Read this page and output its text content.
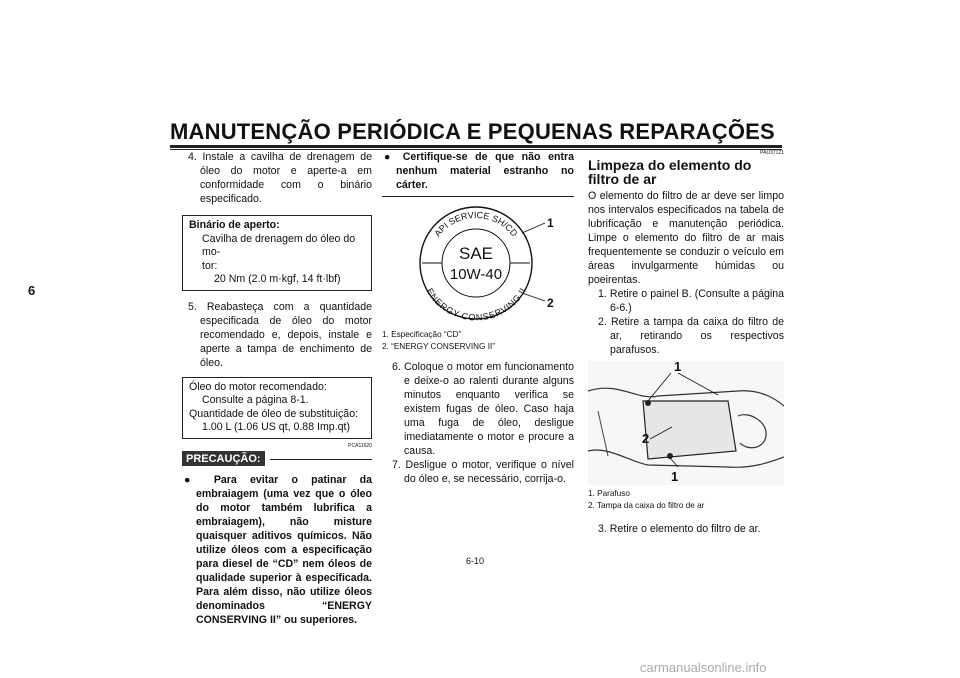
MANUTENÇÃO PERIÓDICA E PEQUENAS REPARAÇÕES
6

4. Instale a cavilha de drenagem de óleo do motor e aperte-a em conformidade com o binário especificado.

Binário de aperto:
Cavilha de drenagem do óleo do mo-
tor:
20 Nm (2.0 m·kgf, 14 ft·lbf)

5. Reabasteça com a quantidade especificada de óleo do motor recomendado e, depois, instale e aperte a tampa de enchimento de óleo.

Óleo do motor recomendado:
Consulte a página 8-1.
Quantidade de óleo de substituição:
1.00 L (1.06 US qt, 0.88 Imp.qt)
PCA11620
PRECAUÇÃO:

● Para evitar o patinar da embraiagem (uma vez que o óleo do motor também lubrifica a embraiagem), não misture quaisquer aditivos químicos. Não utilize óleos com a especificação para diesel de “CD” nem óleos de qualidade superior à especificada. Para além disso, não utilize óleos denominados “ENERGY CONSERVING II” ou superiores.

● Certifique-se de que não entra nenhum material estranho no cárter.

API SERVICE SH/CD
ENERGY CONSERVING II
SAE
10W-40
1
2
1. Especificação “CD”
2. “ENERGY CONSERVING II”

6. Coloque o motor em funcionamento e deixe-o ao ralenti durante alguns minutos enquanto verifica se existem fugas de óleo. Caso haja uma fuga de óleo, desligue imediatamente o motor e procure a causa.

7. Desligue o motor, verifique o nível do óleo e, se necessário, corrija-o.

PAU37121
Limpeza do elemento do filtro de ar

O elemento do filtro de ar deve ser limpo nos intervalos especificados na tabela de lubrificação e manutenção periódica. Limpe o elemento do filtro de ar mais frequentemente se conduzir o veículo em áreas invulgarmente húmidas ou poeirentas.

1. Retire o painel B. (Consulte a página 6-6.)

2. Retire a tampa da caixa do filtro de ar, retirando os respectivos parafusos.

1
2
1
1. Parafuso
2. Tampa da caixa do filtro de ar

3. Retire o elemento do filtro de ar.

6-10
carmanualsonline.info
